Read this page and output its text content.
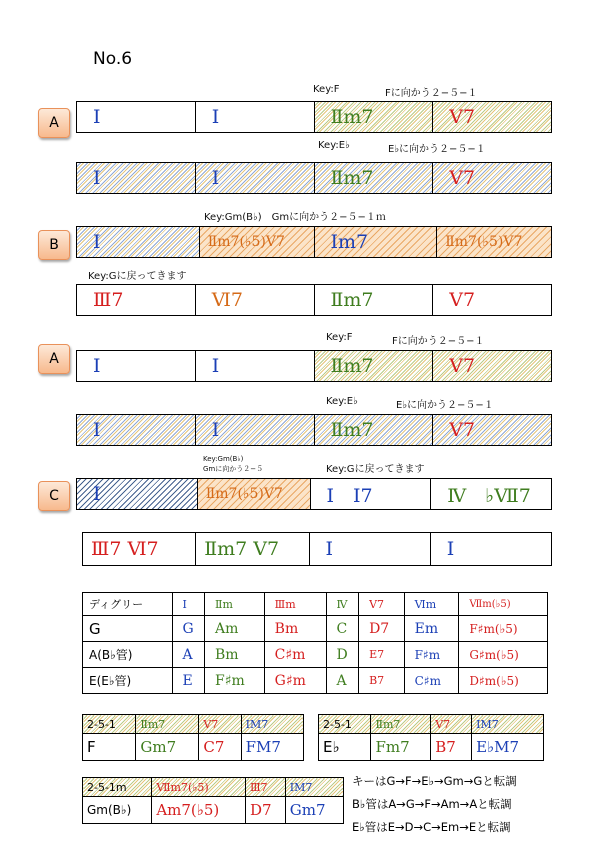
No.6
Key:F	Fに向かう２−５−１
A	Ⅰ	Ⅰ	Ⅱm7	Ⅴ7
Key:E♭	E♭に向かう２−５−１
Ⅰ	Ⅰ	Ⅱm7	Ⅴ7
Key:Gm(B♭)　Gmに向かう２−５−１ｍ
B	Ⅰ	Ⅱm7(♭5)Ⅴ7	Ⅰm7	Ⅱm7(♭5)Ⅴ7
Key:Gに戻ってきます
Ⅲ7	Ⅵ7	Ⅱm7	Ⅴ7
Key:F	Fに向かう２−５−１
A	Ⅰ	Ⅰ	Ⅱm7	Ⅴ7
Key:E♭	E♭に向かう２−５−１
Ⅰ	Ⅰ	Ⅱm7	Ⅴ7
Key:Gm(B♭)
Gmに向かう２−５	Key:Gに戻ってきます
C	Ⅰ	Ⅱm7(♭5)Ⅴ7	Ⅰ　Ⅰ7	Ⅳ　♭Ⅶ7
Ⅲ7 Ⅵ7	Ⅱm7 Ⅴ7	Ⅰ	Ⅰ
ディグリー	Ⅰ	Ⅱm	Ⅲm	Ⅳ	Ⅴ7	Ⅵm	Ⅶm(♭5)
G	G	Am	Bm	C	D7	Em	F♯m(♭5)
A(B♭管)	A	Bm	C♯m	D	E7	F♯m	G♯m(♭5)
E(E♭管)	E	F♯m	G♯m	A	B7	C♯m	D♯m(♭5)
2-5-1	Ⅱm7	Ⅴ7	ⅠM7
F	Gm7	C7	FM7
2-5-1	Ⅱm7	Ⅴ7	ⅠM7
E♭	Fm7	B7	E♭M7
2-5-1m	Ⅶm7(♭5)	Ⅲ7	ⅠM7
Gm(B♭)	Am7(♭5)	D7	Gm7
キーはG→F→E♭→Gm→Gと転調
B♭管はA→G→F→Am→Aと転調
E♭管はE→D→C→Em→Eと転調
